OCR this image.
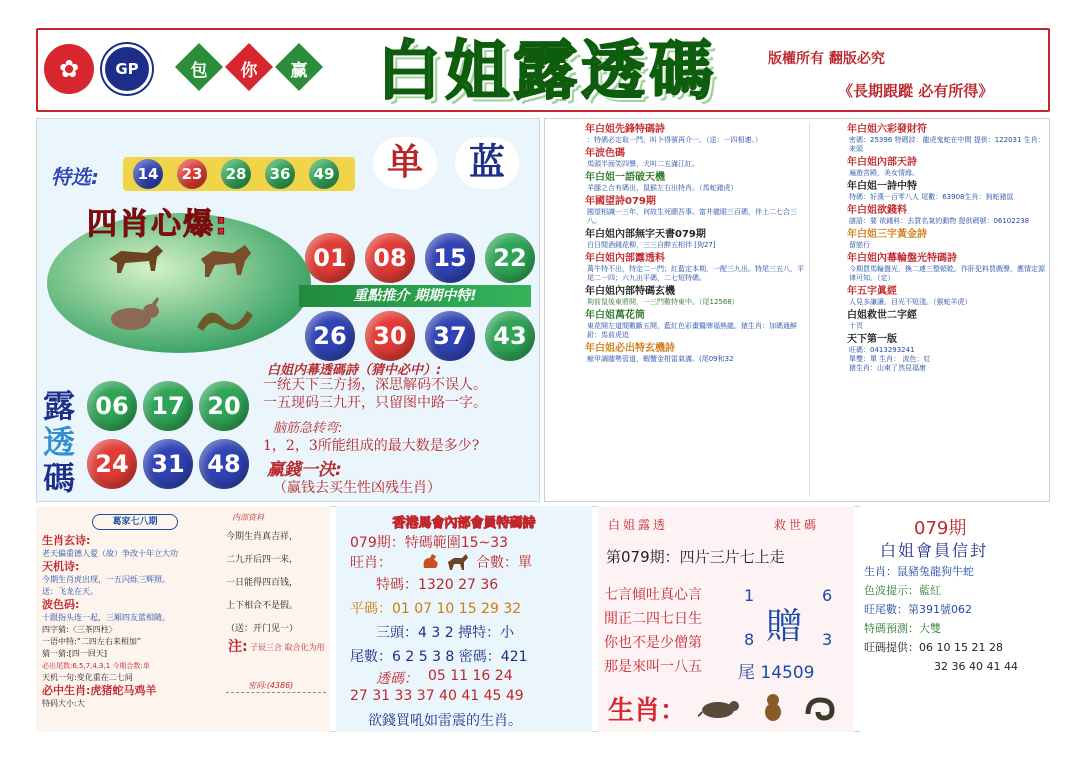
✿	GP	包	你	赢 白姐露透碼	版權所有 翻版必究
《長期跟蹤 必有所得》
特选:	14	23	28	36	49	单	蓝
四肖心爆:
01	08	15	22
重點推介 期期中特!
26	30	37	43
露
透
碼
06 17 20
24 31 48
白姐内幕透碼詩（猜中必中）:
一统天下三方扬，深思解码不误人。
一五现码三九开，只留图中路一字。
脑筋急转弯:
1，2，3所能组成的最大数是多少?
赢錢一決:
（赢钱去买生性凶残生肖）
年白姐先鋒特碼詩
：特碼必定取一門，叫卜得號再介一。（送：一四相連。）
年波色碼
馬頭半面笑四聲，犬叫二五滿江紅。
年白姐一語破天機
羊腿之合有碼出，鼠猴左右出特肖。（馬蛇豬虎）
年國望詩079期
國望相識一三年，何故生死願吾事。富井龍眼三百碼，伴上二七合三八。
年白姐內部無字天書079期
白日閒酒錢花柳，三三自醉五相伴 [狗27]
年白姐內部露透料
萬牛特不出，特定二一門；紅藍定本期，一配三九出。特尾三五八，平尾二一四；六九出平碼，二七短特碼。
年白姐內部特碼玄機
夠前鼠後東將開，一三門數特東中。（尾12568）
年白姐萬花筒
東花開左道閒數斷五開，藍紅色彩畫醫牌福熊龍。猿生肖：加碼通鮮 鉛：馬前虎追
年白姐必出特玄機詩
鯨甲調膝勢管道，蝦蟹金柑雷氣滿。(尾09和32
年白姐六彩發財符
密碼：25396 特碼詩：龍虎鬼蛇在中間 提供：122031 生肖：來頭
年白姐內部天詩
遍遊宮殿，美女情緣。
年白姐一詩中特
特碼：好漢一百零八人 尾數：63908生肖：狗蛇豬鼠
年白姐欲錢料
謎語：要 欲錢料：去買名氣的動物 提供碼號：06102238
年白姐三字黃金詩
留戀行
年白姐內幕輪盤光特碼詩
今期買馬輪盤光，換二連三整頓乾。作肝犯料買戲聲，應情定源律可知。（定）
年五字眞經
人見多謙讓，目光不短淺。（猴蛇羊虎）
白姐救世二字經
十頁
天下第一版
旺碼：0413293241
單雙：單 生肖： 波色：紅
猿生肖：山東了然見福康
葛家七八期
生肖玄诗:
老天偏重德人爱（故）争改十年立大功
天机诗:
今期生肖虎出现，一五闪烁三辉照。
送：飞龙在天。
波色码:
十跟指头连一起，三厢四友蓝相随。
四字猜:〈三茶四柱〉
一语中特:“二四左右来相加”
猜一猜:[四一回天]
必出尾数:6,5,7,4,3,1 今期合数:单
天机一句:变化重在二七间
必中生肖:虎猪蛇马鸡羊
特码大小:大
内部资料
今期生肖真吉祥，
二九开后四一来，
一日能得四百钱，
上下相合不是假。
（送：开门见一）
注: 子辰三合 取合化为用
密码:(4386)
香港馬會內部會員特碼詩
079期：特碼範圍15~33
旺肖：	合數：單
特碼：1320 27 36
平碼：01 07 10 15 29 32
三頭：4 3 2 搏特：小
尾數：6 2 5 3 8 密碼：421
透碼： 05 11 16 24
27 31 33 37 40 41 45 49
欲錢買吼如雷震的生肖。
白姐露透	救世碼
第079期：四片三片七上走
七言傾吐真心言
閒正二四七日生
你也不是少僧第
那是來叫一八五
1	6
8	3
贈
尾 14509
生肖：
079期
白姐會員信封
生肖：鼠豬兔龍狗牛蛇
色波提示：藍紅
旺尾數：第391號062
特碼預測：大雙
旺碼提供：06 10 15 21 28
32 36 40 41 44
